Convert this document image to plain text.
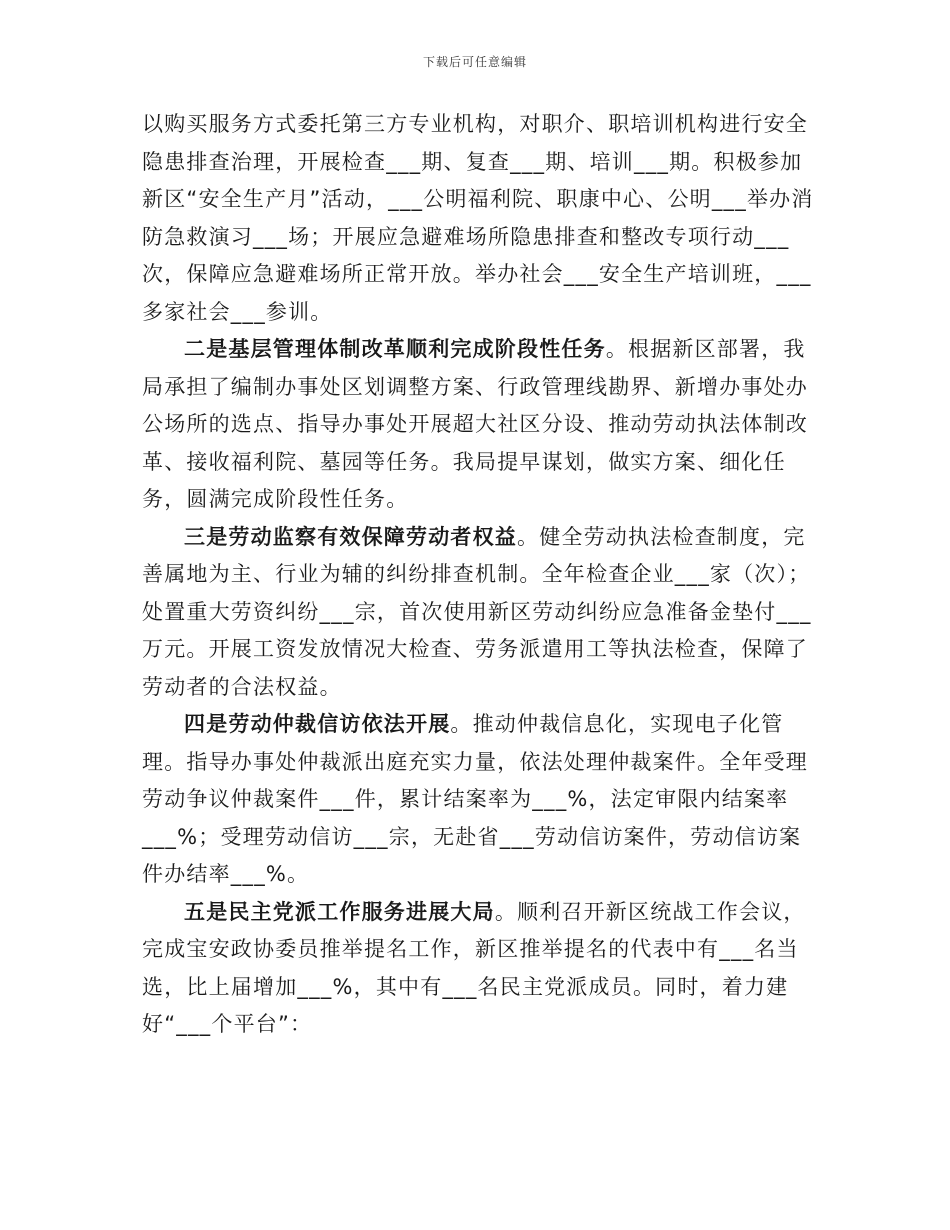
下载后可任意编辑

以购买服务方式委托第三方专业机构，对职介、职培训机构进行安全隐患排查治理，开展检查___期、复查___期、培训___期。积极参加新区“安全生产月”活动，___公明福利院、职康中心、公明___举办消防急救演习___场；开展应急避难场所隐患排查和整改专项行动___次，保障应急避难场所正常开放。举办社会___安全生产培训班，___多家社会___参训。

二是基层管理体制改革顺利完成阶段性任务。根据新区部署，我局承担了编制办事处区划调整方案、行政管理线勘界、新增办事处办公场所的选点、指导办事处开展超大社区分设、推动劳动执法体制改革、接收福利院、墓园等任务。我局提早谋划，做实方案、细化任务，圆满完成阶段性任务。

三是劳动监察有效保障劳动者权益。健全劳动执法检查制度，完善属地为主、行业为辅的纠纷排查机制。全年检查企业___家（次）；处置重大劳资纠纷___宗，首次使用新区劳动纠纷应急准备金垫付___万元。开展工资发放情况大检查、劳务派遣用工等执法检查，保障了劳动者的合法权益。

四是劳动仲裁信访依法开展。推动仲裁信息化，实现电子化管理。指导办事处仲裁派出庭充实力量，依法处理仲裁案件。全年受理劳动争议仲裁案件___件，累计结案率为___%，法定审限内结案率___%；受理劳动信访___宗，无赴省___劳动信访案件，劳动信访案件办结率___%。

五是民主党派工作服务进展大局。顺利召开新区统战工作会议，完成宝安政协委员推举提名工作，新区推举提名的代表中有___名当选，比上届增加___%，其中有___名民主党派成员。同时，着力建好“___个平台”：
